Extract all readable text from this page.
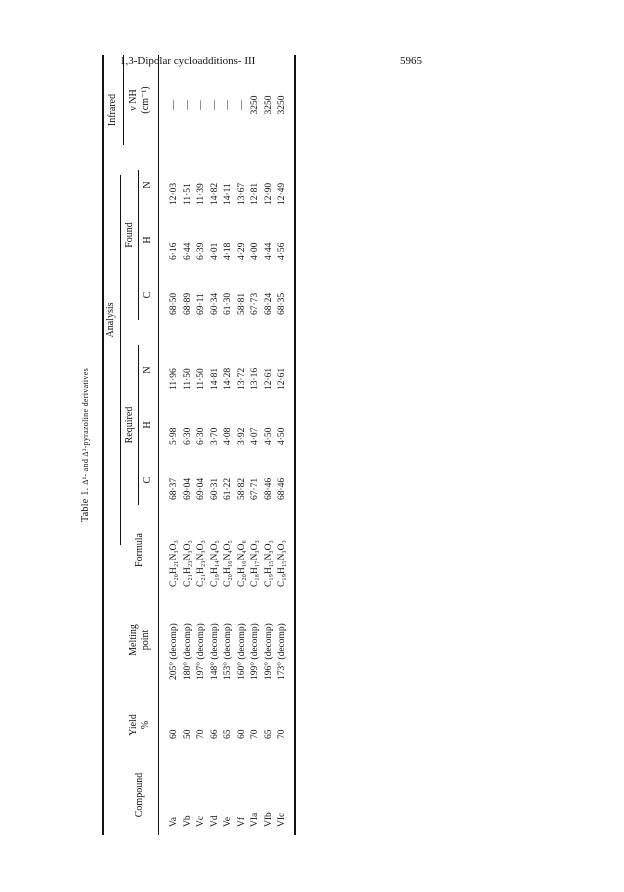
1,3-Dipolar cycloadditions- III	5965
Table 1. Δ¹- and Δ²-pyrazoline derivatives
Analysis
Infrared
Compound
Yield %
Melting point
Formula
Required
Found
ν NH (cm⁻¹)
C
H
N
C
H
N
Va
60
205° (decomp)
C₂₀H₂₁N₃O₃
68·37
5·98
11·96
68·50
6·16
12·03
—
Vb
50
180° (decomp)
C₂₁H₂₃N₃O₃
69·04
6·30
11·50
68·89
6·44
11·51
—
Vc
70
197° (decomp)
C₂₁H₂₃N₃O₃
69·04
6·30
11·50
69·11
6·39
11·39
—
Vd
66
148° (decomp)
C₁₉H₁₄N₄O₅
60·31
3·70
14·81
60·34
4·01
14·82
—
Ve
65
153° (decomp)
C₂₀H₁₆N₄O₅
61·22
4·08
14·28
61·30
4·18
14·11
—
Vf
60
160° (decomp)
C₂₀H₁₆N₄O₆
58·82
3·92
13·72
58·81
4·29
13·67
—
VIa
70
199° (decomp)
C₁₈H₁₇N₃O₃
67·71
4·07
13·16
67·73
4·00
12·81
3250
VIb
65
196° (decomp)
C₁₉H₁₅N₃O₃
68·46
4·50
12·61
68·24
4·44
12·90
3250
VIc
70
173° (decomp)
C₁₉H₁₅N₃O₃
68·46
4·50
12·61
68·35
4·56
12·49
3250
